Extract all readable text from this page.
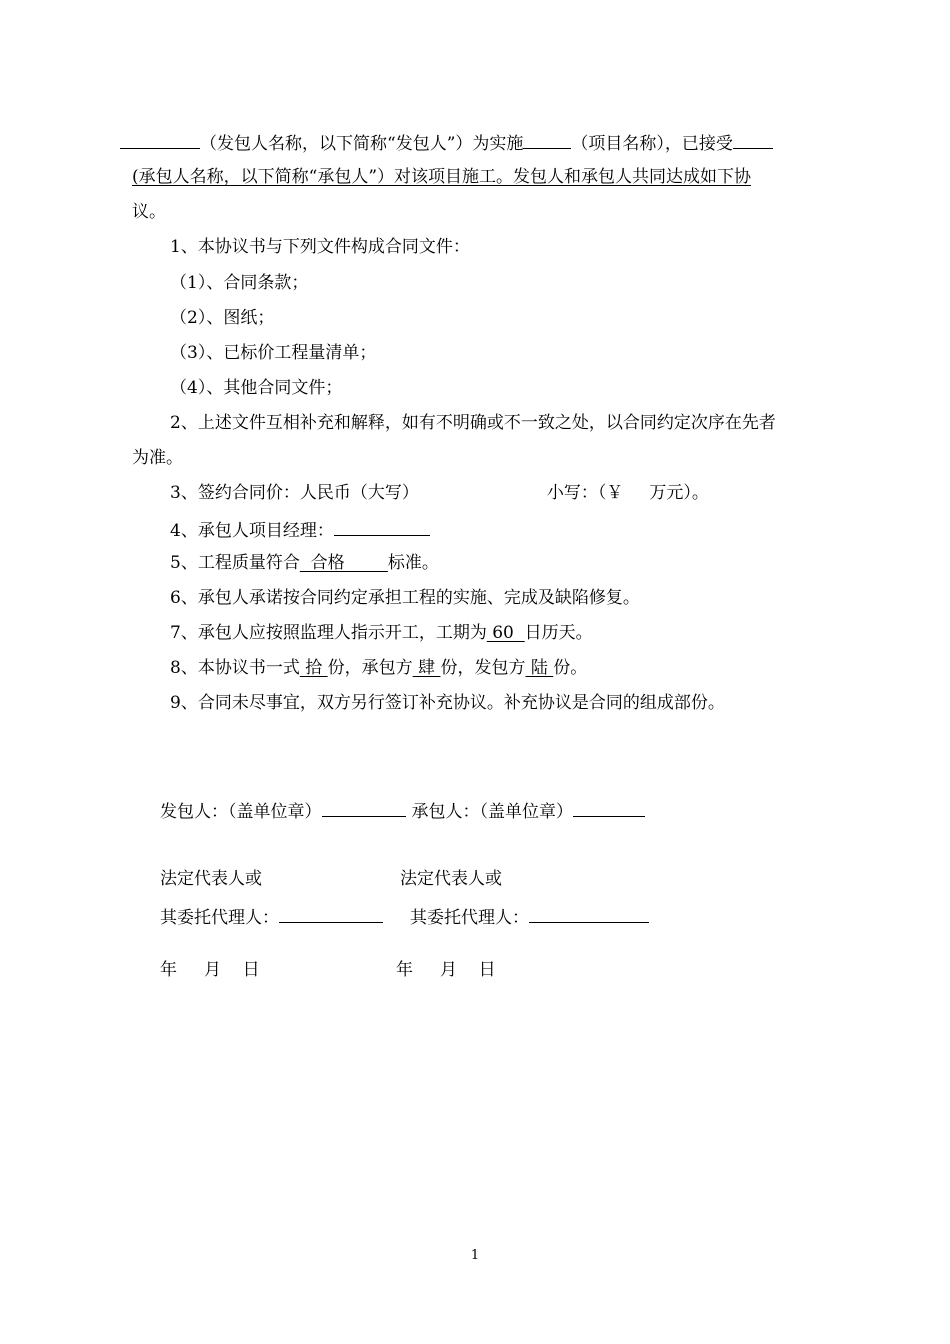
（发包人名称，以下简称“发包人”）为实施	（项目名称），已接受
(承包人名称，以下简称“承包人”）对该项目施工。发包人和承包人共同达成如下协
议。
1、本协议书与下列文件构成合同文件：
（1）、合同条款；
（2）、图纸；
（3）、已标价工程量清单；
（4）、其他合同文件；
2、上述文件互相补充和解释，如有不明确或不一致之处，以合同约定次序在先者
为准。
3、签约合同价：人民币（大写）	小写：（￥ 万元）。
4、承包人项目经理：
5、工程质量符合  合格        标准。
6、承包人承诺按合同约定承担工程的实施、完成及缺陷修复。
7、承包人应按照监理人指示开工，工期为 60  日历天。
8、本协议书一式 拾 份，承包方 肆 份，发包方 陆 份。
9、合同未尽事宜，双方另行签订补充协议。补充协议是合同的组成部份。
发包人：（盖单位章）	承包人：（盖单位章）
法定代表人或	法定代表人或
其委托代理人：	其委托代理人：
年     月    日	年     月    日
1
